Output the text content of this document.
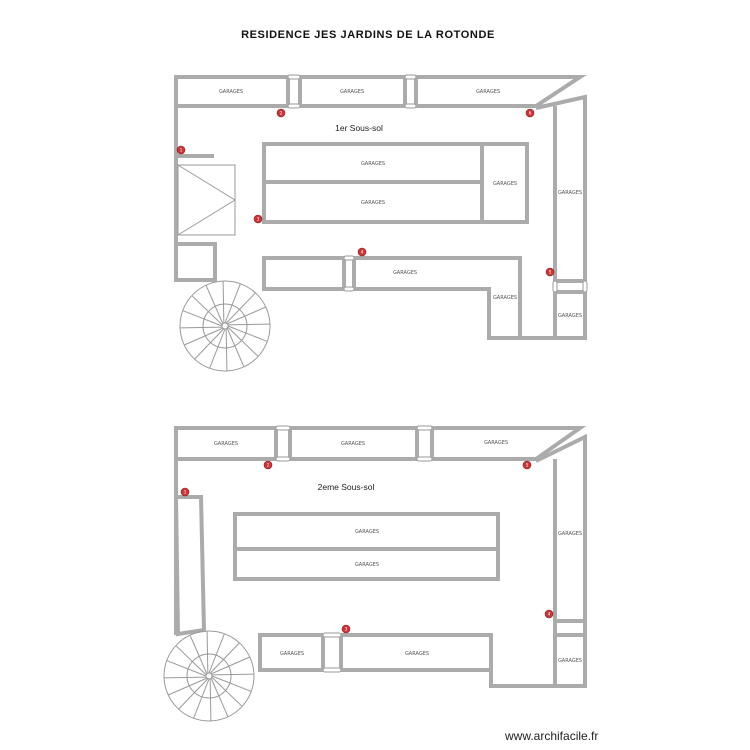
RESIDENCE JES JARDINS DE LA ROTONDE
1er Sous-sol
GARAGES	GARAGES	GARAGES
GARAGES
GARAGES
GARAGES
GARAGES
GARAGES
GARAGES
GARAGES
1
2
3
4
5
6
2eme Sous-sol
GARAGES	GARAGES	GARAGES
GARAGES	GARAGES
GARAGES
GARAGES	GARAGES
GARAGES
1
2
3
4
5
www.archifacile.fr
